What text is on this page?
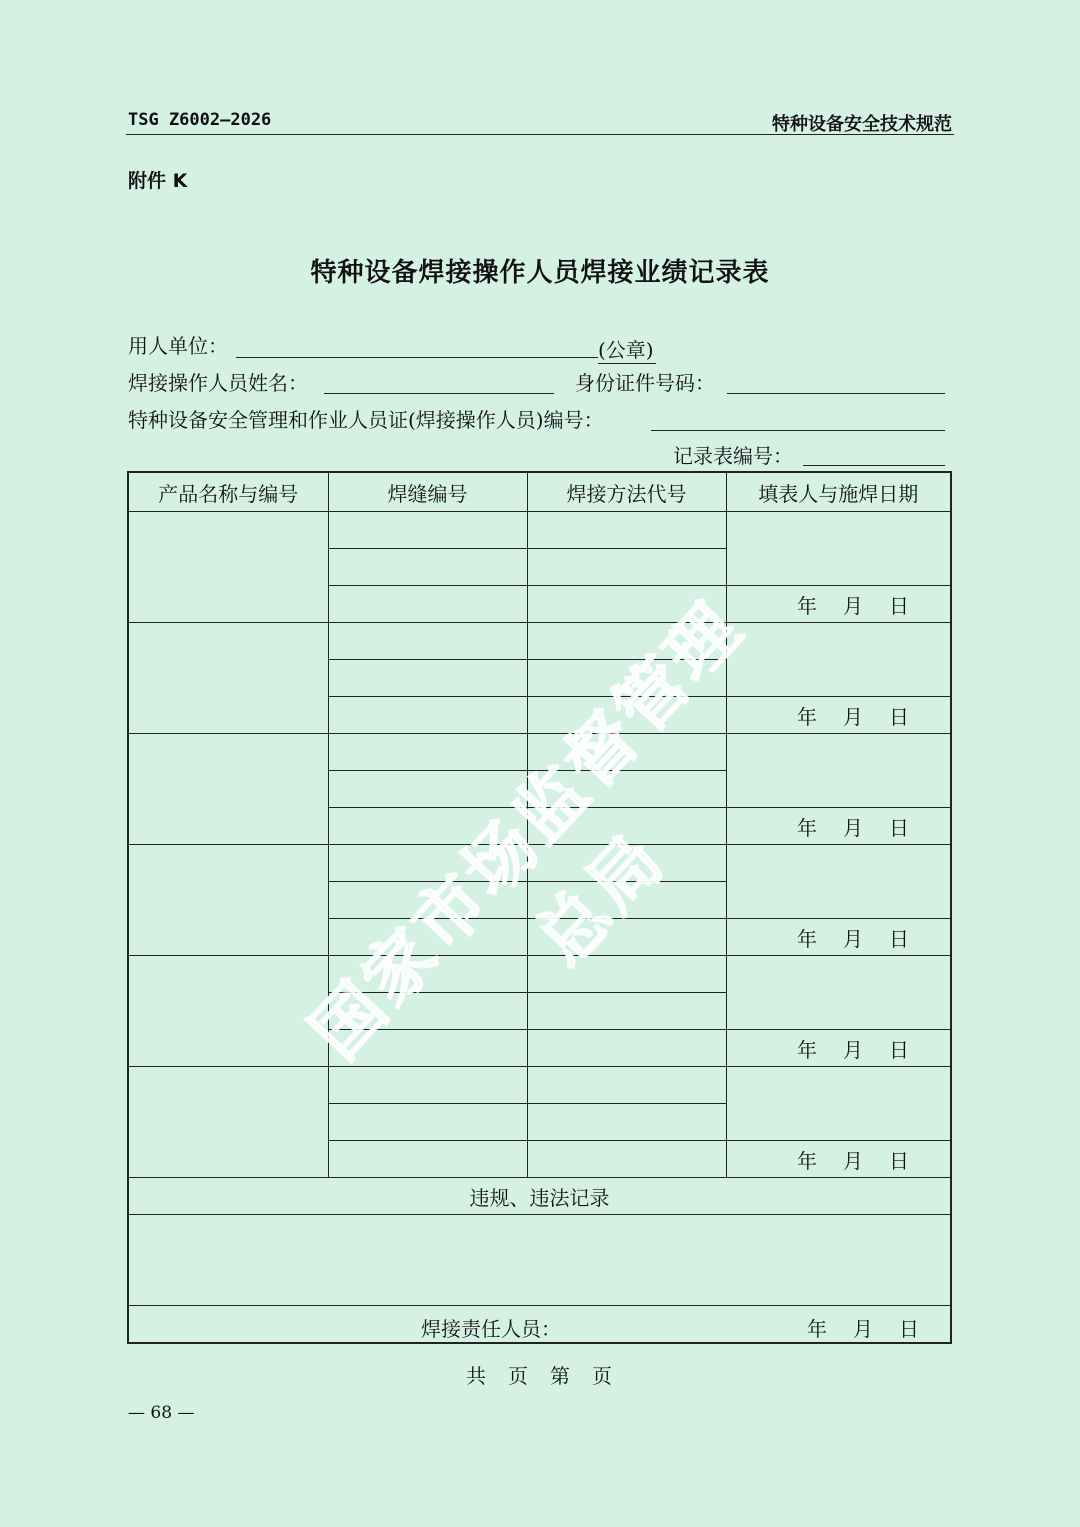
TSG Z6002—2026	特种设备安全技术规范
附件 K
特种设备焊接操作人员焊接业绩记录表
用人单位：	(公章)
焊接操作人员姓名：	身份证件号码：
特种设备安全管理和作业人员证(焊接操作人员)编号：
记录表编号：
产品名称与编号	焊缝编号	焊接方法代号	填表人与施焊日期

			年 月 日

			年 月 日

			年 月 日

			年 月 日

			年 月 日

			年 月 日
违规、违法记录			

焊接责任人员： 年 月 日			
共 页 第 页
— 68 —
国家市场监督管理总局
